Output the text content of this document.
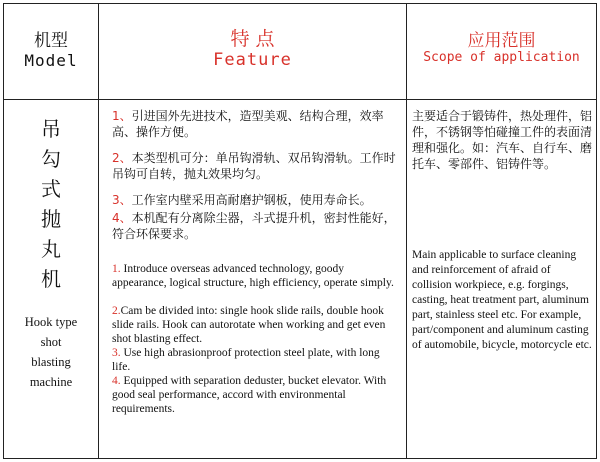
机型
Model
特 点
Feature
应用范围
Scope of application
吊
勾
式
抛
丸
机
Hook type
shot
blasting
machine

1、引进国外先进技术，造型美观、结构合理，效率高、操作方便。

2、本类型机可分：单吊钩滑轨、双吊钩滑轨。工作时吊钩可自转，抛丸效果均匀。

3、工作室内壁采用高耐磨护钢板，使用寿命长。

4、本机配有分离除尘器，斗式提升机，密封性能好，符合环保要求。

1. Introduce overseas advanced technology, goody appearance, logical structure, high efficiency, operate simply.

2.Cam be divided into: single hook slide rails, double hook slide rails. Hook can autorotate when working and get even shot blasting effect.

3. Use high abrasionproof protection steel plate, with long life.

4. Equipped with separation deduster, bucket elevator. With good seal performance, accord with environmental requirements.

主要适合于锻铸件，热处理件，铝件，不锈钢等怕碰撞工件的表面清理和强化。如：汽车、自行车、磨托车、零部件、铝铸件等。

Main applicable to surface cleaning and reinforcement of afraid of collision workpiece, e.g. forgings, casting, heat treatment part, aluminum part, stainless steel etc. For example, part/component and aluminum casting of automobile, bicycle, motorcycle etc.
